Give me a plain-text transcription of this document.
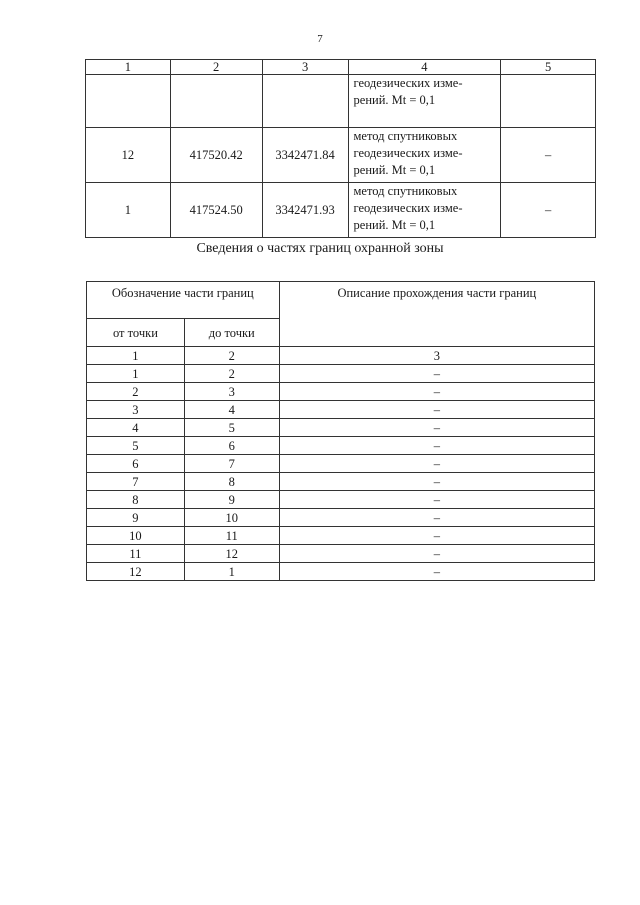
7
1	2	3	4	5

			геодезических изме-
рений. Mt = 0,1	

12	417520.42	3342471.84	метод спутниковых
геодезических изме-
рений. Mt = 0,1	–
1	417524.50	3342471.93	метод спутниковых
геодезических изме-
рений. Mt = 0,1	–
Сведения о частях границ охранной зоны
Обозначение части границ		Описание прохождения части границ
от точки	до точки	
1	2	3
1	2	–
2	3	–
3	4	–
4	5	–
5	6	–
6	7	–
7	8	–
8	9	–
9	10	–
10	11	–
11	12	–
12	1	–
